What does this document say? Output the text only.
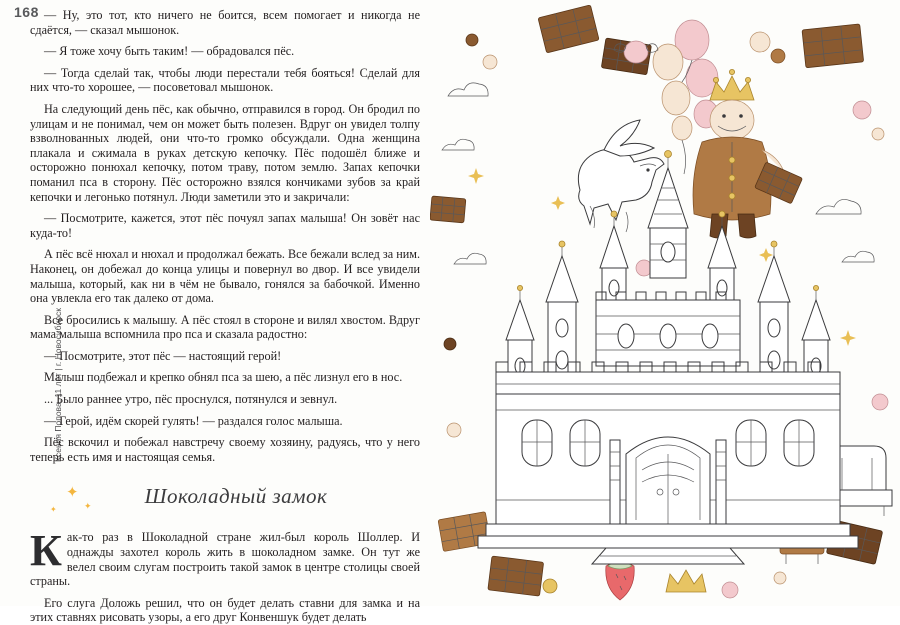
168
Ксения Попова, 11 лет | г. Новосибирск

— Ну, это тот, кто ничего не боится, всем помогает и никогда не сдаётся, — сказал мышонок.

— Я тоже хочу быть таким! — обрадовался пёс.

— Тогда сделай так, чтобы люди перестали тебя бояться! Сделай для них что-то хорошее, — посоветовал мышонок.

На следующий день пёс, как обычно, отправился в город. Он бродил по улицам и не понимал, чем он может быть полезен. Вдруг он увидел толпу взволнованных людей, они что-то громко обсуждали. Одна женщина плакала и сжимала в руках детскую кепочку. Пёс подошёл ближе и осторожно понюхал кепочку, потом траву, потом землю. Запах кепочки поманил пса в сторону. Пёс осторожно взялся кончиками зубов за край кепочки и легонько потянул. Люди заметили это и закричали:

— Посмотрите, кажется, этот пёс почуял запах малыша! Он зовёт нас куда-то!

А пёс всё нюхал и нюхал и продолжал бежать. Все бежали вслед за ним. Наконец, он добежал до конца улицы и повернул во двор. И все увидели малыша, который, как ни в чём не бывало, гонялся за бабочкой. Именно она увлекла его так далеко от дома.

Все бросились к малышу. А пёс стоял в стороне и вилял хвостом. Вдруг мама малыша вспомнила про пса и сказала радостно:

— Посмотрите, этот пёс — настоящий герой!

Малыш подбежал и крепко обнял пса за шею, а пёс лизнул его в нос.

... Было раннее утро, пёс проснулся, потянулся и зевнул.

— Герой, идём скорей гулять! — раздался голос малыша.

Пёс вскочил и побежал навстречу своему хозяину, радуясь, что у него теперь есть имя и настоящая семья.

✦
✦
✦
Шоколадный замок

Как-то раз в Шоколадной стране жил-был король Шоллер. И однажды захотел король жить в шоколадном замке. Он тут же велел своим слугам построить такой замок в центре столицы своей страны.

Его слуга Доложь решил, что он будет делать ставни для замка и на этих ставнях рисовать узоры, а его друг Конвеншук будет делать
